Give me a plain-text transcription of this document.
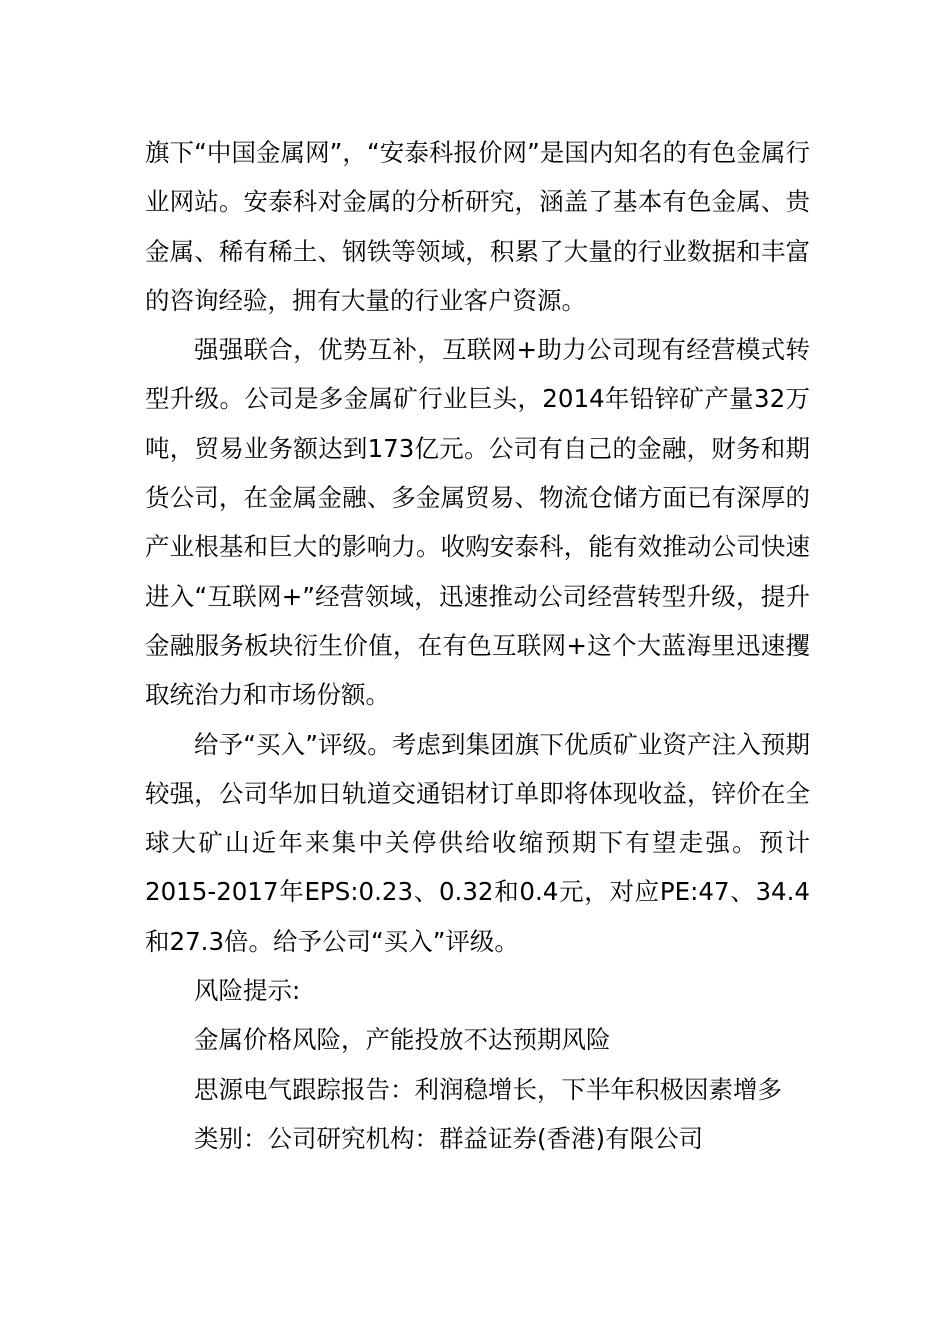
旗下“中国金属网”，“安泰科报价网”是国内知名的有色金属行业网站。安泰科对金属的分析研究，涵盖了基本有色金属、贵金属、稀有稀土、钢铁等领域，积累了大量的行业数据和丰富的咨询经验，拥有大量的行业客户资源。

强强联合，优势互补，互联网+助力公司现有经营模式转型升级。公司是多金属矿行业巨头，2014年铅锌矿产量32万吨，贸易业务额达到173亿元。公司有自己的金融，财务和期货公司，在金属金融、多金属贸易、物流仓储方面已有深厚的产业根基和巨大的影响力。收购安泰科，能有效推动公司快速进入“互联网+”经营领域，迅速推动公司经营转型升级，提升金融服务板块衍生价值，在有色互联网+这个大蓝海里迅速攫取统治力和市场份额。

给予“买入”评级。考虑到集团旗下优质矿业资产注入预期较强，公司华加日轨道交通铝材订单即将体现收益，锌价在全球大矿山近年来集中关停供给收缩预期下有望走强。预计2015-2017年EPS:0.23、0.32和0.4元，对应PE:47、34.4和27.3倍。给予公司“买入”评级。

风险提示:

金属价格风险，产能投放不达预期风险

思源电气跟踪报告：利润稳增长，下半年积极因素增多

类别：公司研究机构：群益证券(香港)有限公司
